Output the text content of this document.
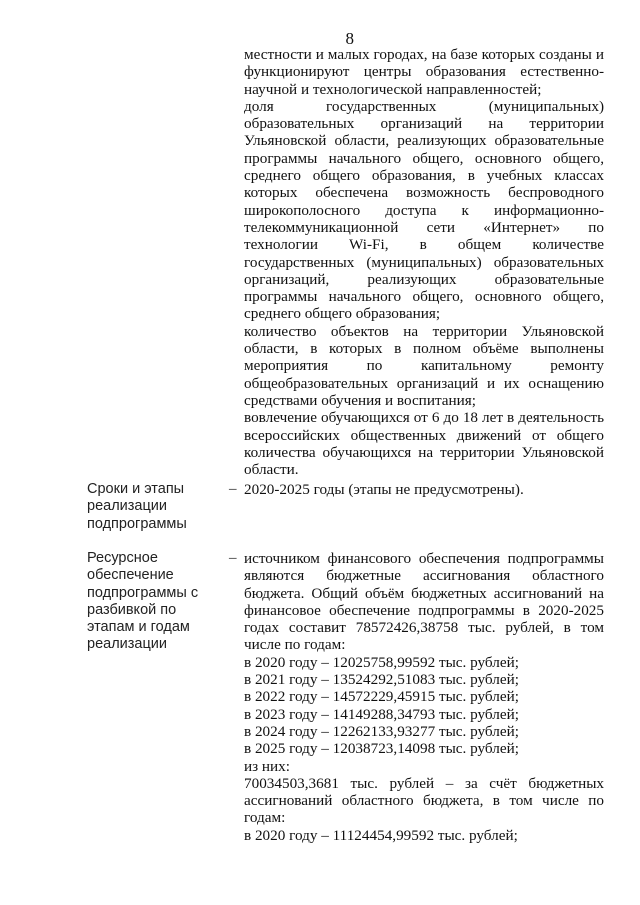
8

местности и малых городах, на базе которых созданы и функционируют центры образования естественно-научной и технологической направленностей;

доля государственных (муниципальных) образовательных организаций на территории Ульяновской области, реализующих образовательные программы начального общего, основного общего, среднего общего образования, в учебных классах которых обеспечена возможность беспроводного широкополосного доступа к информационно-телекоммуникационной сети «Интернет» по технологии Wi-Fi, в общем количестве государственных (муниципальных) образовательных организаций, реализующих образовательные программы начального общего, основного общего, среднего общего образования;

количество объектов на территории Ульяновской области, в которых в полном объёме выполнены мероприятия по капитальному ремонту общеобразовательных организаций и их оснащению средствами обучения и воспитания;

вовлечение обучающихся от 6 до 18 лет в деятельность всероссийских общественных движений от общего количества обучающихся на территории Ульяновской области.

Сроки и этапы реализации подпрограммы
– 2020-2025 годы (этапы не предусмотрены).
Ресурсное обеспечение подпрограммы с разбивкой по этапам и годам реализации
– источником финансового обеспечения подпрограммы являются бюджетные ассигнования областного бюджета. Общий объём бюджетных ассигнований на финансовое обеспечение подпрограммы в 2020-2025 годах составит 78572426,38758 тыс. рублей, в том числе по годам:

в 2020 году – 12025758,99592 тыс. рублей;

в 2021 году – 13524292,51083 тыс. рублей;

в 2022 году – 14572229,45915 тыс. рублей;

в 2023 году – 14149288,34793 тыс. рублей;

в 2024 году – 12262133,93277 тыс. рублей;

в 2025 году – 12038723,14098 тыс. рублей;

из них:

70034503,3681 тыс. рублей – за счёт бюджетных ассигнований областного бюджета, в том числе по годам:

в 2020 году – 11124454,99592 тыс. рублей;
